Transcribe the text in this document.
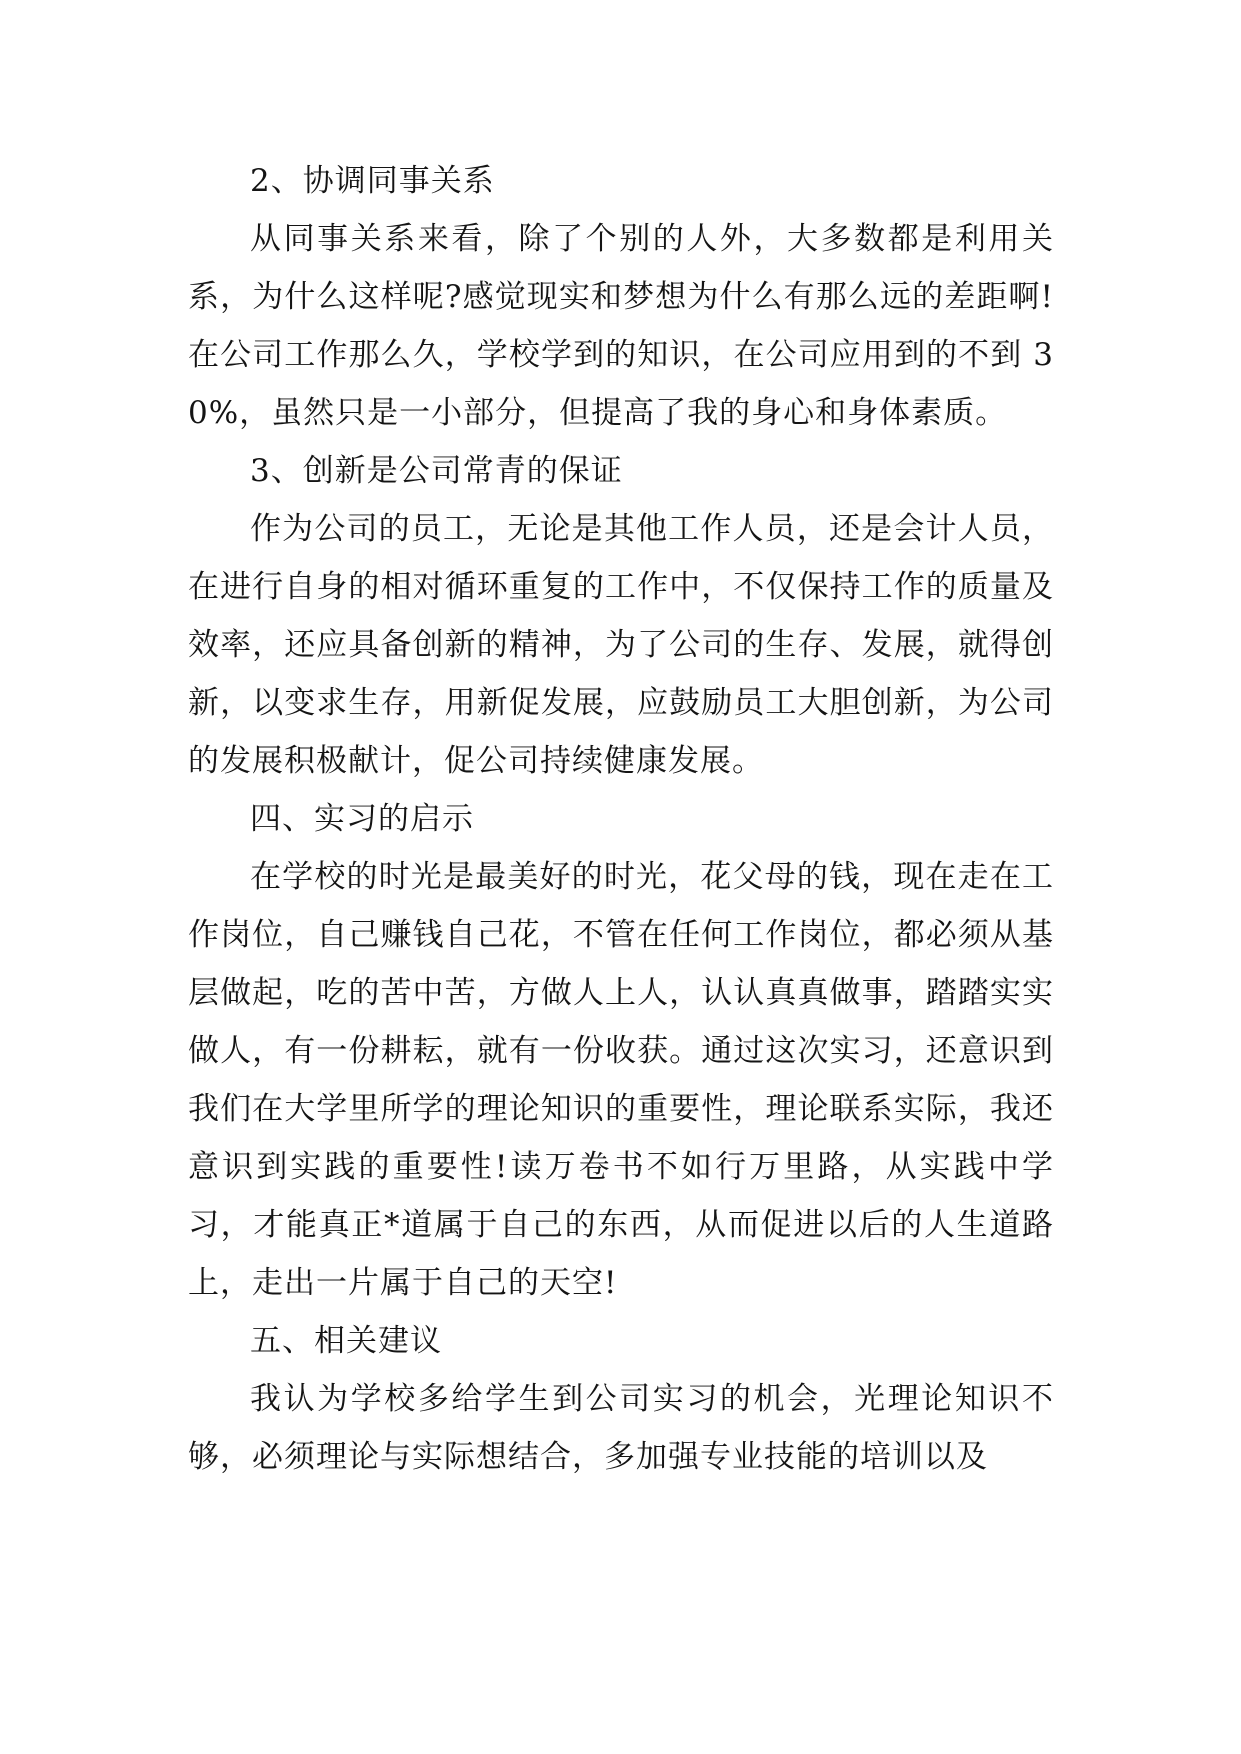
2、协调同事关系

从同事关系来看，除了个别的人外，大多数都是利用关系，为什么这样呢?感觉现实和梦想为什么有那么远的差距啊!在公司工作那么久，学校学到的知识，在公司应用到的不到 30%，虽然只是一小部分，但提高了我的身心和身体素质。

3、创新是公司常青的保证

作为公司的员工，无论是其他工作人员，还是会计人员，在进行自身的相对循环重复的工作中，不仅保持工作的质量及效率，还应具备创新的精神，为了公司的生存、发展，就得创新，以变求生存，用新促发展，应鼓励员工大胆创新，为公司的发展积极献计，促公司持续健康发展。

四、实习的启示

在学校的时光是最美好的时光，花父母的钱，现在走在工作岗位，自己赚钱自己花，不管在任何工作岗位，都必须从基层做起，吃的苦中苦，方做人上人，认认真真做事，踏踏实实做人，有一份耕耘，就有一份收获。通过这次实习，还意识到我们在大学里所学的理论知识的重要性，理论联系实际，我还意识到实践的重要性!读万卷书不如行万里路，从实践中学习，才能真正*道属于自己的东西，从而促进以后的人生道路上，走出一片属于自己的天空!

五、相关建议

我认为学校多给学生到公司实习的机会，光理论知识不够，必须理论与实际想结合，多加强专业技能的培训以及
